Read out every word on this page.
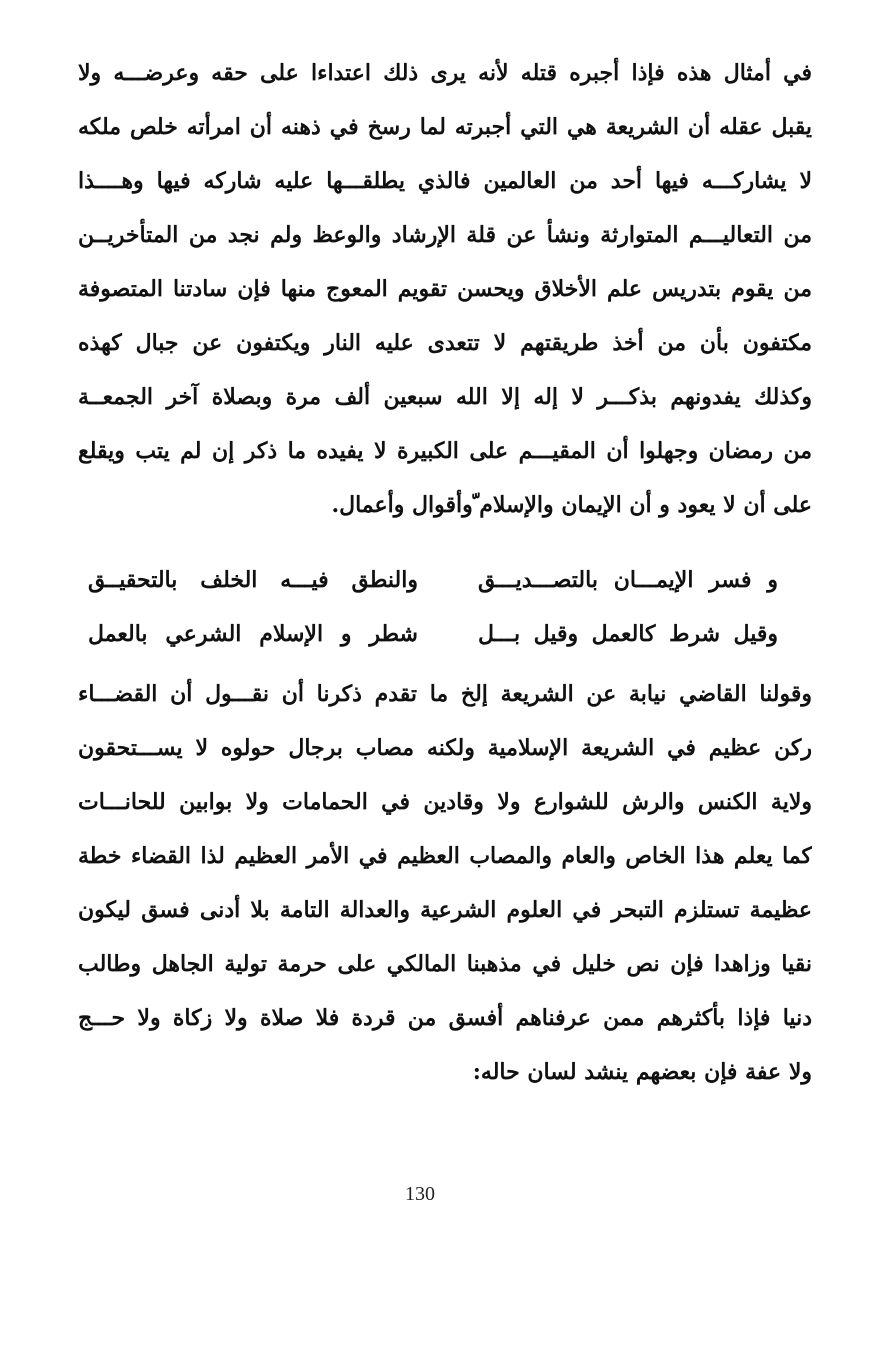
في أمثال هذه فإذا أجبره قتله لأنه يرى ذلك اعتداءا على حقه وعرضـــه ولا
يقبل عقله أن الشريعة هي التي أجبرته لما رسخ في ذهنه أن امرأته خلص ملكه
لا يشاركـــه فيها أحد من العالمين فالذي يطلقـــها عليه شاركه فيها وهــــذا
من التعاليـــم المتوارثة ونشأ عن قلة الإرشاد والوعظ ولم نجد من المتأخريــن
من يقوم بتدريس علم الأخلاق ويحسن تقويم المعوج منها فإن سادتنا المتصوفة
مكتفون بأن من أخذ طريقتهم لا تتعدى عليه النار ويكتفون عن جبال كهذه
وكذلك يفدونهم بذكـــر لا إله إلا الله سبعين ألف مرة وبصلاة آخر الجمعــة
من رمضان وجهلوا أن المقيـــم على الكبيرة لا يفيده ما ذكر إن لم يتب ويقلع
على أن لا يعود و أن الإيمان والإسلام ّوأقوال وأعمال.
و فسر الإيمـــان بالتصـــديـــق
والنطق فيـــه الخلف بالتحقيــق
وقيل شرط كالعمل وقيل بـــل
شطر و الإسلام الشرعي بالعمل
وقولنا القاضي نيابة عن الشريعة إلخ ما تقدم ذكرنا أن نقـــول أن القضـــاء
ركن عظيم في الشريعة الإسلامية ولكنه مصاب برجال حولوه لا يســـتحقون
ولاية الكنس والرش للشوارع ولا وقادين في الحمامات ولا بوابين للحانـــات
كما يعلم هذا الخاص والعام والمصاب العظيم في الأمر العظيم لذا القضاء خطة
عظيمة تستلزم التبحر في العلوم الشرعية والعدالة التامة بلا أدنى فسق ليكون
نقيا وزاهدا فإن نص خليل في مذهبنا المالكي على حرمة تولية الجاهل وطالب
دنيا فإذا بأكثرهم ممن عرفناهم أفسق من قردة فلا صلاة ولا زكاة ولا حـــج
ولا عفة فإن بعضهم ينشد لسان حاله:
130
